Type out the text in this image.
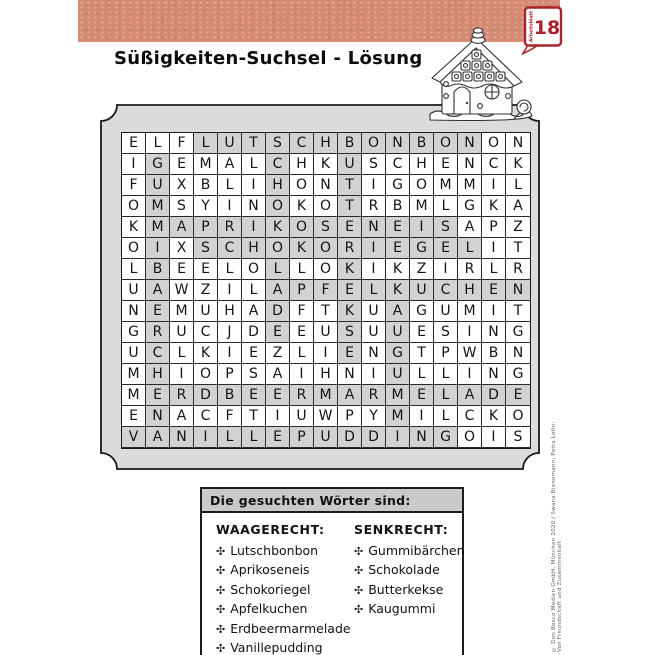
Arbeitsblatt 18
Süßigkeiten-Suchsel - Lösung
E	L	F	L	U	T	S	C H B O N B O N O N
I	G	E M A	L	C H	K	U	S	C H	E	N C	K
F	U	X	B	L	I	H O N	T	I	G O M M	I	L
O M S	Y	I	N O K O	T	R	B M	L	G K	A
K M A	P	R	I	K O	S	E	N	E	I	S	A	P	Z
O	I	X	S	C H O K O R	I	E	G	E	L	I	T
L	B	E	E	L	O	L	L	O K	I	K	Z	I	R	L	R
U	A W Z	I	L	A	P	F	E	L	K	U C H	E	N
N	E M U H A D	F	T	K	U	A G U M	I	T
G R	U C	J	D	E	E	U	S	U U	E	S	I	N G
U C	L	K	I	E	Z	L	I	E	N G	T	P W B	N
M H	I	O	P	S	A	I	H N	I	U	L	L	I	N G
M E	R D B	E	E	R M A	R M E	L	A D	E
E	N A	C	F	T	I	U W P	Y M	I	L	C	K	O
V	A N	I	L	L	E	P	U D D	I	N G O	I	S
Die gesuchten Wörter sind:
WAAGERECHT:
✣ Lutschbonbon
✣ Aprikoseneis
✣ Schokoriegel
✣ Apfelkuchen
✣ Erdbeermarmelade
✣ Vanillepudding
SENKRECHT:
✣ Gummibärchen
✣ Schokolade
✣ Butterkekse
✣ Kaugummi	© Don Bosco Medien GmbH, München 2020 / Swana Bienemann, Petra Lefin: Von Freundschaft und Zusammenhalt
